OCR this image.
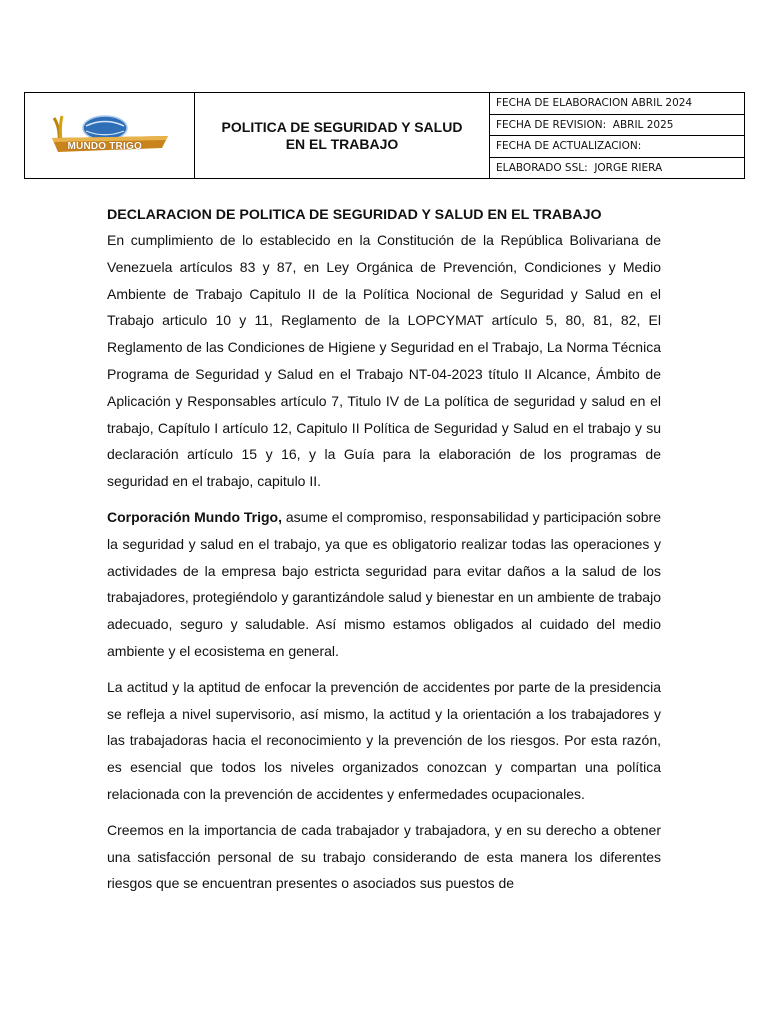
MUNDO TRIGO
POLITICA DE SEGURIDAD Y SALUD
EN EL TRABAJO
FECHA DE ELABORACION ABRIL 2024
FECHA DE REVISION:  ABRIL 2025
FECHA DE ACTUALIZACION:
ELABORADO SSL:  JORGE RIERA

DECLARACION DE POLITICA DE SEGURIDAD Y SALUD EN EL TRABAJO

En cumplimiento de lo establecido en la Constitución de la República Bolivariana de Venezuela artículos 83 y 87, en Ley Orgánica de Prevención, Condiciones y Medio Ambiente de Trabajo Capitulo II de la Política Nocional de Seguridad y Salud en el Trabajo articulo 10 y 11, Reglamento de la LOPCYMAT artículo 5, 80, 81, 82, El Reglamento de las Condiciones de Higiene y Seguridad en el Trabajo, La Norma Técnica Programa de Seguridad y Salud en el Trabajo NT-04-2023 título II Alcance, Ámbito de Aplicación y Responsables artículo 7, Titulo IV de La política de seguridad y salud en el trabajo, Capítulo I artículo 12, Capitulo II Política de Seguridad y Salud en el trabajo y su declaración artículo 15 y 16, y la Guía para la elaboración de los programas de seguridad en el trabajo, capitulo II.

Corporación Mundo Trigo, asume el compromiso, responsabilidad y participación sobre la seguridad y salud en el trabajo, ya que es obligatorio realizar todas las operaciones y actividades de la empresa bajo estricta seguridad para evitar daños a la salud de los trabajadores, protegiéndolo y garantizándole salud y bienestar en un ambiente de trabajo adecuado, seguro y saludable. Así mismo estamos obligados al cuidado del medio ambiente y el ecosistema en general.

La actitud y la aptitud de enfocar la prevención de accidentes por parte de la presidencia se refleja a nivel supervisorio, así mismo, la actitud y la orientación a los trabajadores y las trabajadoras hacia el reconocimiento y la prevención de los riesgos. Por esta razón, es esencial que todos los niveles organizados conozcan y compartan una política relacionada con la prevención de accidentes y enfermedades ocupacionales.

Creemos en la importancia de cada trabajador y trabajadora, y en su derecho a obtener una satisfacción personal de su trabajo considerando de esta manera los diferentes riesgos que se encuentran presentes o asociados sus puestos de
